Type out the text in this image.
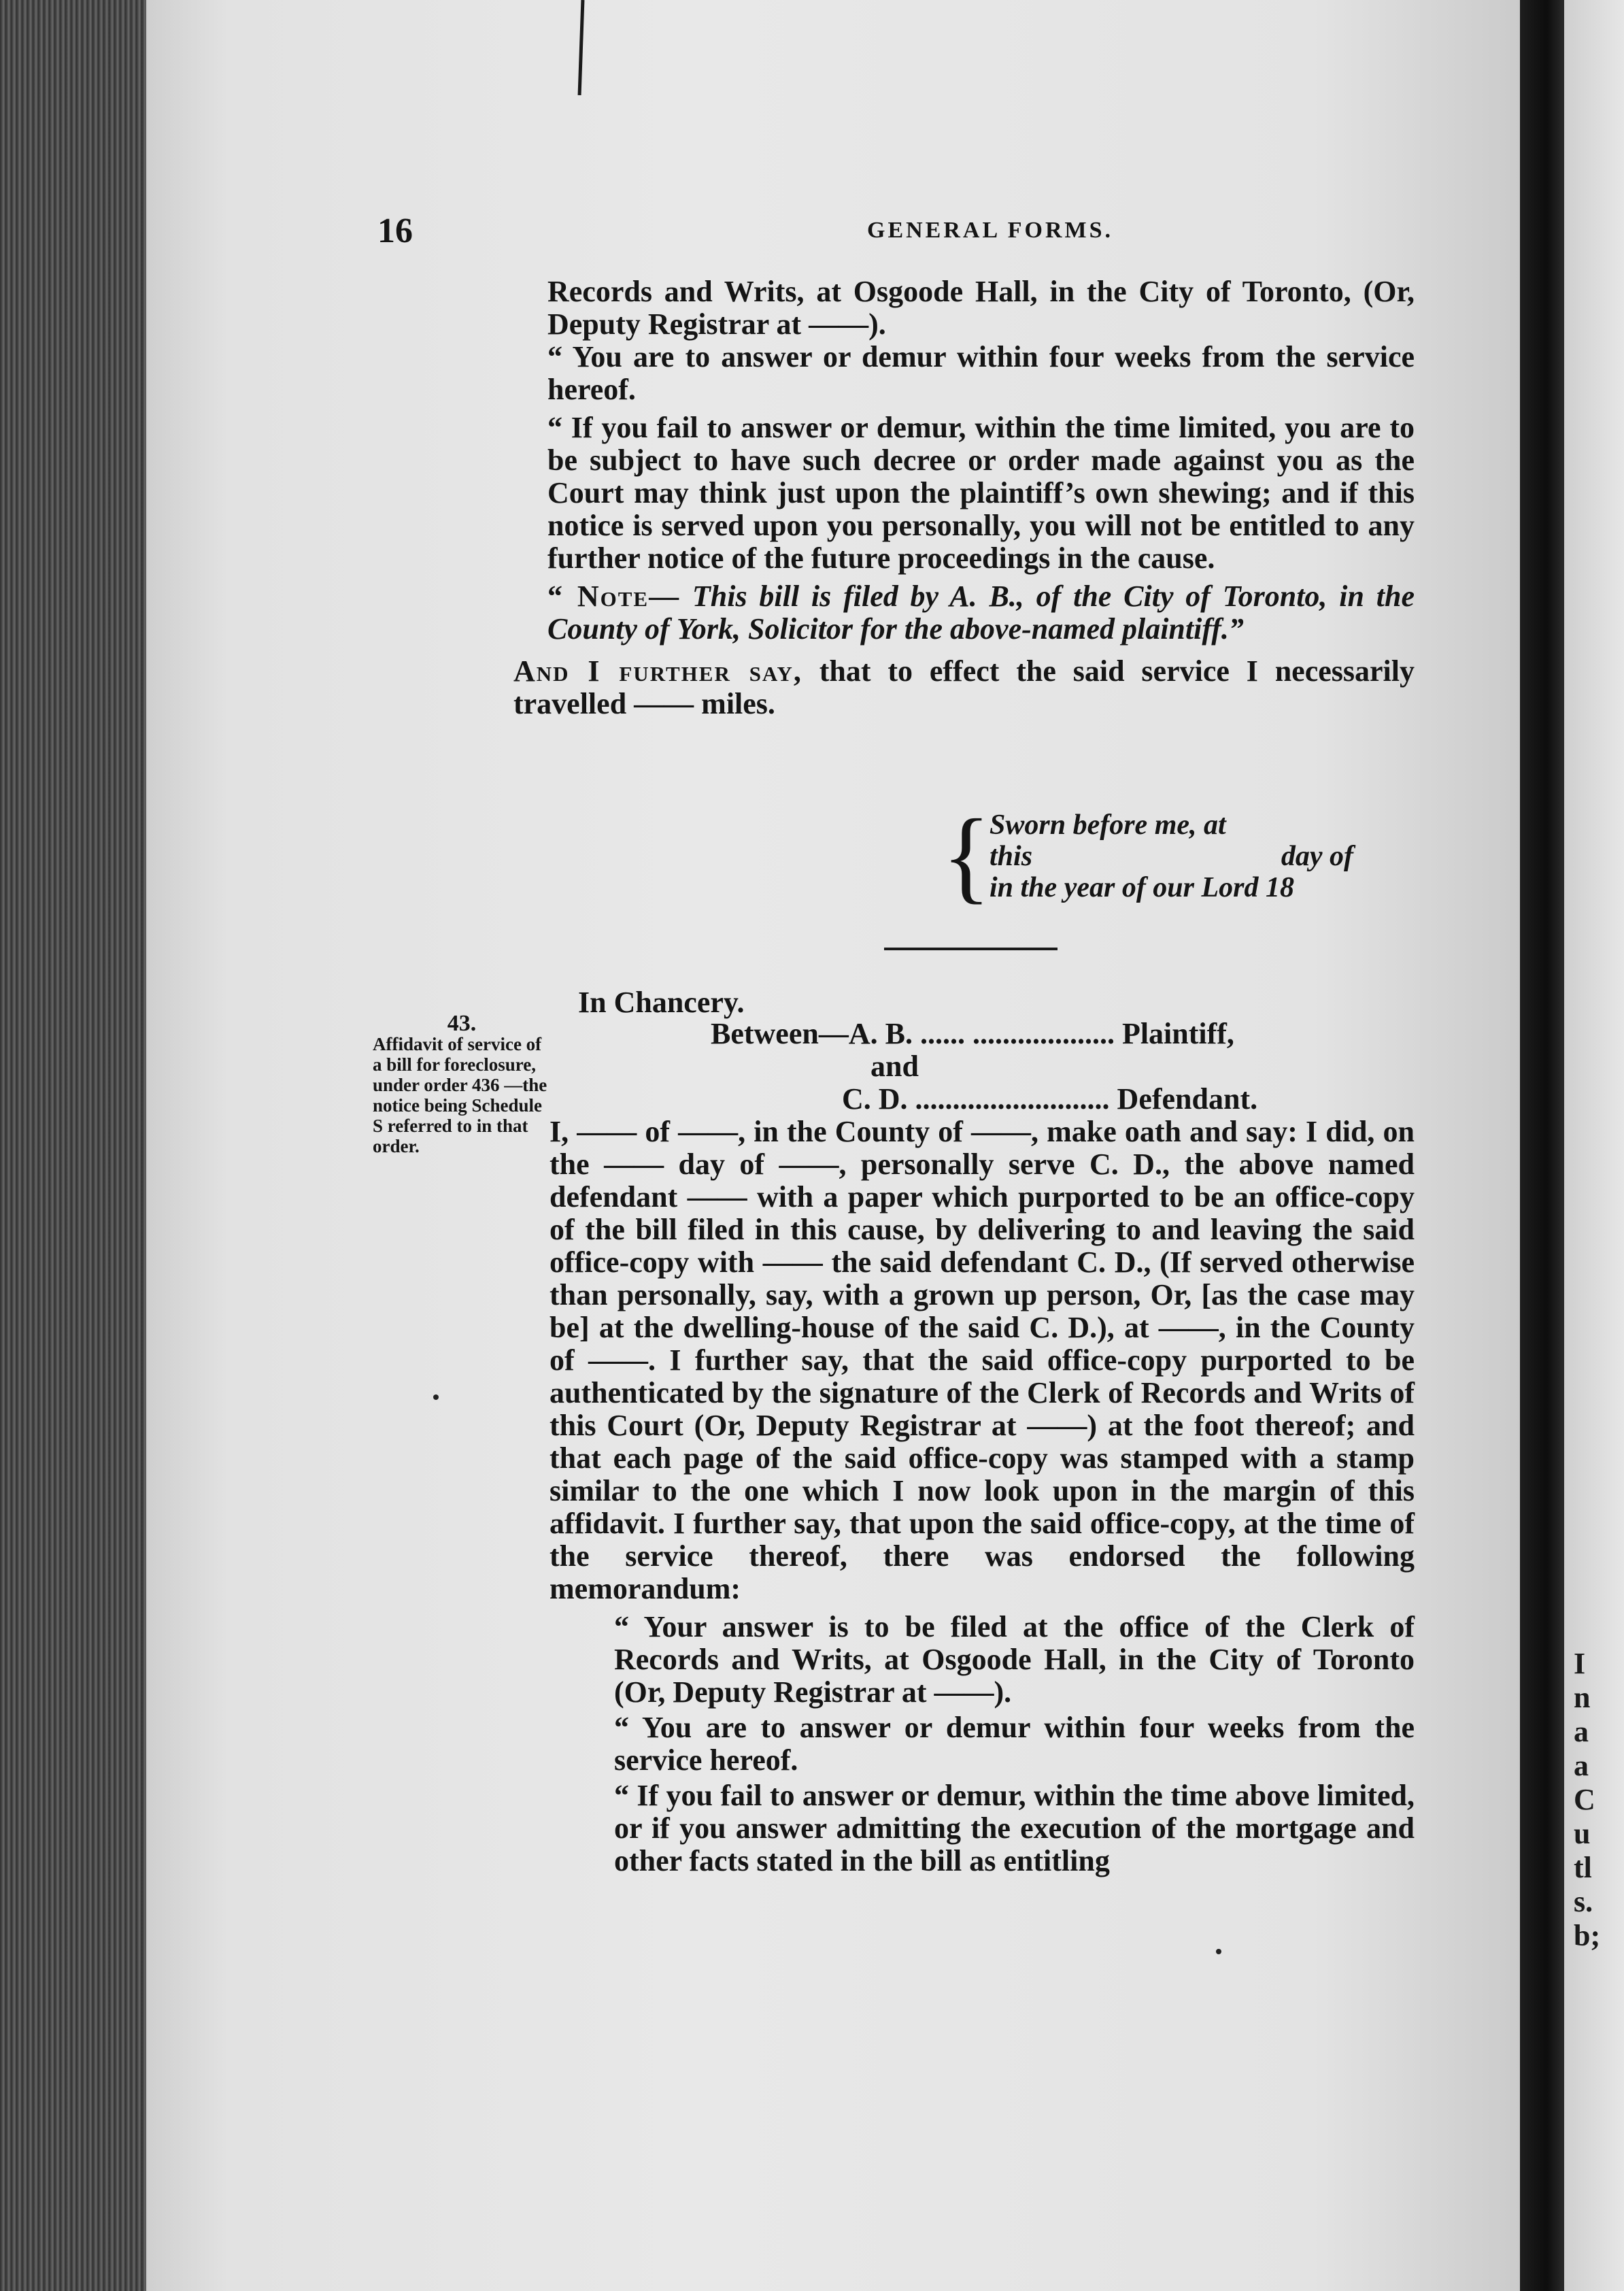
I
n
a
a
C
u
tl
s.
b;
16	GENERAL FORMS.

Records and Writs, at Osgoode Hall, in the City of Toronto, (Or, Deputy Registrar at ——).

“ You are to answer or demur within four weeks from the service hereof.

“ If you fail to answer or demur, within the time limited, you are to be subject to have such decree or order made against you as the Court may think just upon the plaintiff’s own shewing; and if this notice is served upon you personally, you will not be entitled to any further notice of the future proceedings in the cause.

“ Note— This bill is filed by A. B., of the City of Toronto, in the County of York, Solicitor for the above-named plaintiff.”

And I further say, that to effect the said service I necessarily travelled —— miles.

{
Sworn before me, at
this	day of
in the year of our Lord 18
43.
Affidavit of service of a bill for foreclosure, under order 436 —the notice being Schedule S referred to in that order.
In Chancery.
Between—A. B. ...... ................... Plaintiff,
and
C. D. .......................... Defendant.

I, —— of ——, in the County of ——, make oath and say: I did, on the —— day of ——, personally serve C. D., the above named defendant —— with a paper which purported to be an office-copy of the bill filed in this cause, by delivering to and leaving the said office-copy with —— the said defendant C. D., (If served otherwise than personally, say, with a grown up person, Or, [as the case may be] at the dwelling-house of the said C. D.), at ——, in the County of ——. I further say, that the said office-copy purported to be authenticated by the signature of the Clerk of Records and Writs of this Court (Or, Deputy Registrar at ——) at the foot thereof; and that each page of the said office-copy was stamped with a stamp similar to the one which I now look upon in the margin of this affidavit. I further say, that upon the said office-copy, at the time of the service thereof, there was endorsed the following memorandum:

“ Your answer is to be filed at the office of the Clerk of Records and Writs, at Osgoode Hall, in the City of Toronto (Or, Deputy Registrar at ——).

“ You are to answer or demur within four weeks from the service hereof.

“ If you fail to answer or demur, within the time above limited, or if you answer admitting the execution of the mortgage and other facts stated in the bill as entitling
